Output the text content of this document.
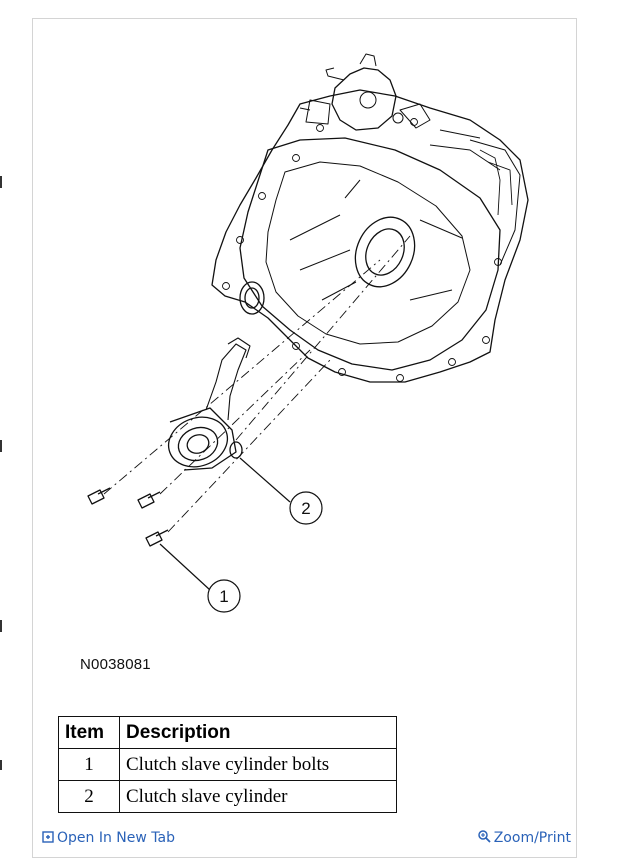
1
2
N0038081
Item	Description
1	Clutch slave cylinder bolts
2	Clutch slave cylinder
Open In New Tab	Zoom/Print
